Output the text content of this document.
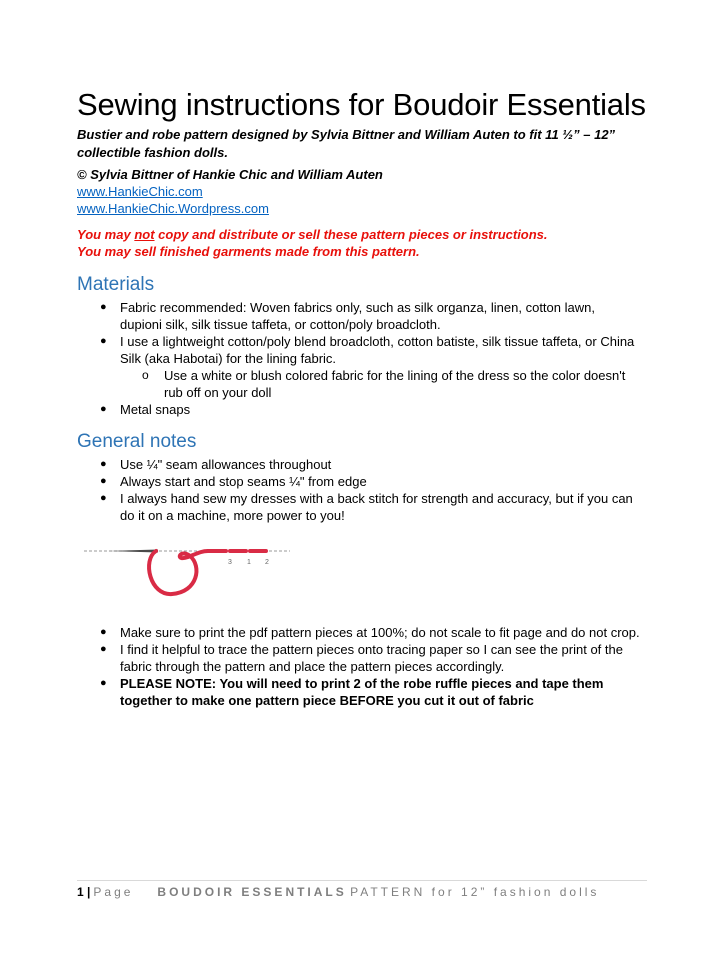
Sewing instructions for Boudoir Essentials

Bustier and robe pattern designed by Sylvia Bittner and William Auten to fit 11 ½” – 12” collectible fashion dolls.

© Sylvia Bittner of Hankie Chic and William Auten

www.HankieChic.com
www.HankieChic.Wordpress.com
You may not copy and distribute or sell these pattern pieces or instructions.
You may sell finished garments made from this pattern.
Materials
● Fabric recommended: Woven fabrics only, such as silk organza, linen, cotton lawn, dupioni silk, silk tissue taffeta, or cotton/poly broadcloth.
● I use a lightweight cotton/poly blend broadcloth, cotton batiste, silk tissue taffeta, or China Silk (aka Habotai) for the lining fabric.
o Use a white or blush colored fabric for the lining of the dress so the color doesn't rub off on your doll
● Metal snaps
General notes
● Use ¼" seam allowances throughout
● Always start and stop seams ¼" from edge
● I always hand sew my dresses with a back stitch for strength and accuracy, but if you can do it on a machine, more power to you!
3 1 2
● Make sure to print the pdf pattern pieces at 100%; do not scale to fit page and do not crop.
● I find it helpful to trace the pattern pieces onto tracing paper so I can see the print of the fabric through the pattern and place the pattern pieces accordingly.
● PLEASE NOTE: You will need to print 2 of the robe ruffle pieces and tape them together to make one pattern piece BEFORE you cut it out of fabric
1 | Page BOUDOIR ESSENTIALS PATTERN for 12” fashion dolls
